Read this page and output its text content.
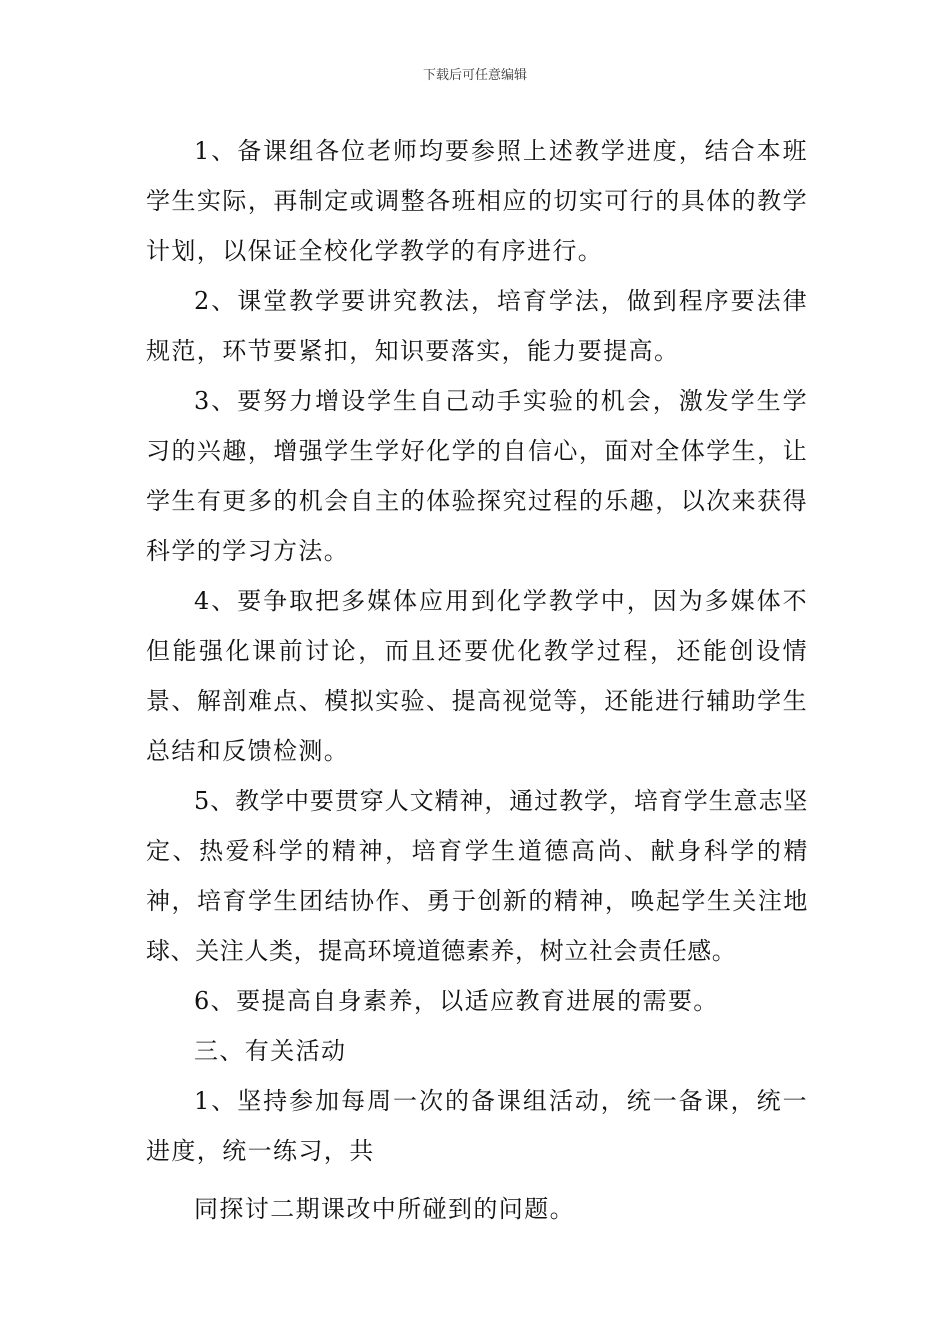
下载后可任意编辑

1、备课组各位老师均要参照上述教学进度，结合本班学生实际，再制定或调整各班相应的切实可行的具体的教学计划，以保证全校化学教学的有序进行。

2、课堂教学要讲究教法，培育学法，做到程序要法律规范，环节要紧扣，知识要落实，能力要提高。

3、要努力增设学生自己动手实验的机会，激发学生学习的兴趣，增强学生学好化学的自信心，面对全体学生，让学生有更多的机会自主的体验探究过程的乐趣，以次来获得科学的学习方法。

4、要争取把多媒体应用到化学教学中，因为多媒体不但能强化课前讨论，而且还要优化教学过程，还能创设情景、解剖难点、模拟实验、提高视觉等，还能进行辅助学生总结和反馈检测。

5、教学中要贯穿人文精神，通过教学，培育学生意志坚定、热爱科学的精神，培育学生道德高尚、献身科学的精神，培育学生团结协作、勇于创新的精神，唤起学生关注地球、关注人类，提高环境道德素养，树立社会责任感。

6、要提高自身素养，以适应教育进展的需要。

三、有关活动

1、坚持参加每周一次的备课组活动，统一备课，统一进度，统一练习，共

同探讨二期课改中所碰到的问题。
